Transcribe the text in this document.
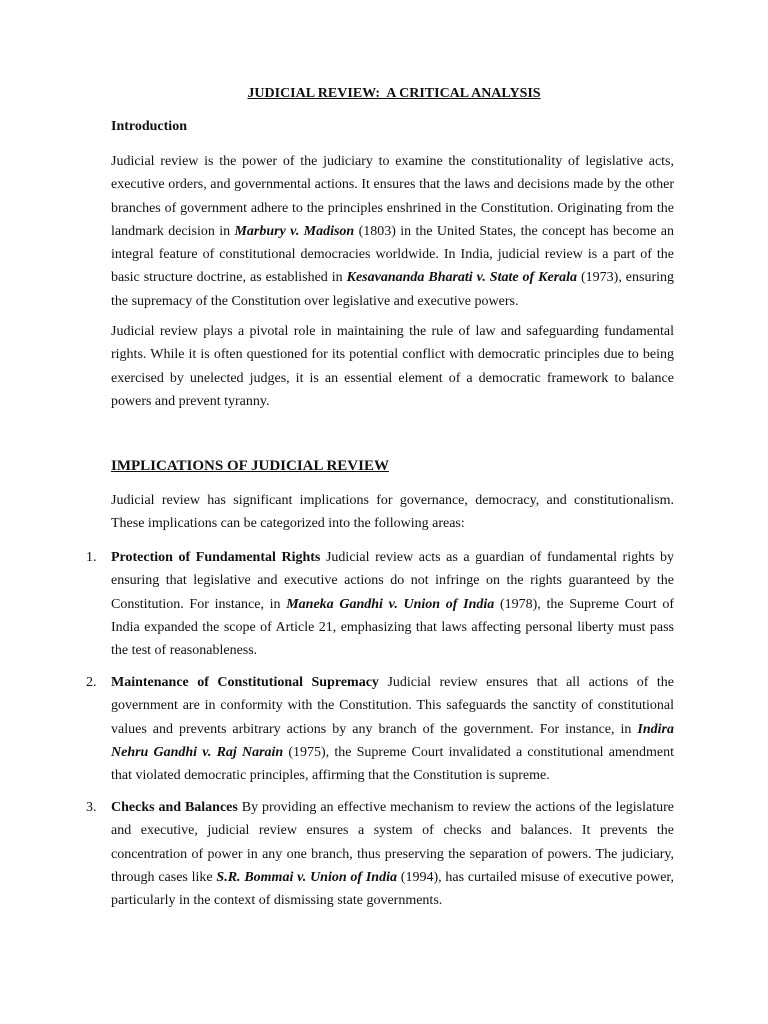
JUDICIAL REVIEW:  A CRITICAL ANALYSIS
Introduction

Judicial review is the power of the judiciary to examine the constitutionality of legislative acts, executive orders, and governmental actions. It ensures that the laws and decisions made by the other branches of government adhere to the principles enshrined in the Constitution. Originating from the landmark decision in Marbury v. Madison (1803) in the United States, the concept has become an integral feature of constitutional democracies worldwide. In India, judicial review is a part of the basic structure doctrine, as established in Kesavananda Bharati v. State of Kerala (1973), ensuring the supremacy of the Constitution over legislative and executive powers.

Judicial review plays a pivotal role in maintaining the rule of law and safeguarding fundamental rights. While it is often questioned for its potential conflict with democratic principles due to being exercised by unelected judges, it is an essential element of a democratic framework to balance powers and prevent tyranny.

IMPLICATIONS OF JUDICIAL REVIEW

Judicial review has significant implications for governance, democracy, and constitutionalism. These implications can be categorized into the following areas:

1. Protection of Fundamental Rights Judicial review acts as a guardian of fundamental rights by ensuring that legislative and executive actions do not infringe on the rights guaranteed by the Constitution. For instance, in Maneka Gandhi v. Union of India (1978), the Supreme Court of India expanded the scope of Article 21, emphasizing that laws affecting personal liberty must pass the test of reasonableness.

2. Maintenance of Constitutional Supremacy Judicial review ensures that all actions of the government are in conformity with the Constitution. This safeguards the sanctity of constitutional values and prevents arbitrary actions by any branch of the government. For instance, in Indira Nehru Gandhi v. Raj Narain (1975), the Supreme Court invalidated a constitutional amendment that violated democratic principles, affirming that the Constitution is supreme.

3. Checks and Balances By providing an effective mechanism to review the actions of the legislature and executive, judicial review ensures a system of checks and balances. It prevents the concentration of power in any one branch, thus preserving the separation of powers. The judiciary, through cases like S.R. Bommai v. Union of India (1994), has curtailed misuse of executive power, particularly in the context of dismissing state governments.
